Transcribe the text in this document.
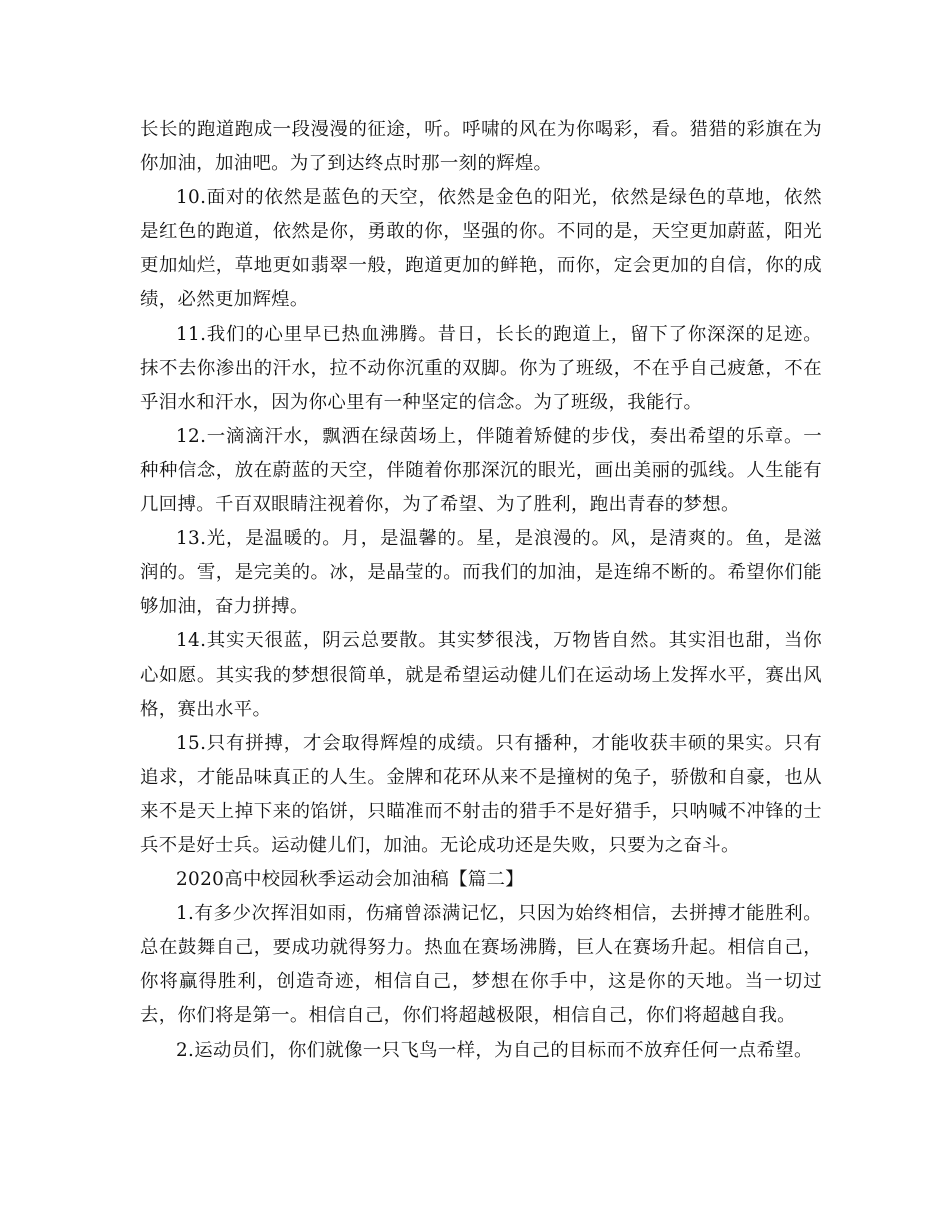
长长的跑道跑成一段漫漫的征途，听。呼啸的风在为你喝彩，看。猎猎的彩旗在为你加油，加油吧。为了到达终点时那一刻的辉煌。

10.面对的依然是蓝色的天空，依然是金色的阳光，依然是绿色的草地，依然是红色的跑道，依然是你，勇敢的你，坚强的你。不同的是，天空更加蔚蓝，阳光更加灿烂，草地更如翡翠一般，跑道更加的鲜艳，而你，定会更加的自信，你的成绩，必然更加辉煌。

11.我们的心里早已热血沸腾。昔日，长长的跑道上，留下了你深深的足迹。抹不去你渗出的汗水，拉不动你沉重的双脚。你为了班级，不在乎自己疲惫，不在乎泪水和汗水，因为你心里有一种坚定的信念。为了班级，我能行。

12.一滴滴汗水，飘洒在绿茵场上，伴随着矫健的步伐，奏出希望的乐章。一种种信念，放在蔚蓝的天空，伴随着你那深沉的眼光，画出美丽的弧线。人生能有几回搏。千百双眼睛注视着你，为了希望、为了胜利，跑出青春的梦想。

13.光，是温暖的。月，是温馨的。星，是浪漫的。风，是清爽的。鱼，是滋润的。雪，是完美的。冰，是晶莹的。而我们的加油，是连绵不断的。希望你们能够加油，奋力拼搏。

14.其实天很蓝，阴云总要散。其实梦很浅，万物皆自然。其实泪也甜，当你心如愿。其实我的梦想很简单，就是希望运动健儿们在运动场上发挥水平，赛出风格，赛出水平。

15.只有拼搏，才会取得辉煌的成绩。只有播种，才能收获丰硕的果实。只有追求，才能品味真正的人生。金牌和花环从来不是撞树的兔子，骄傲和自豪，也从来不是天上掉下来的馅饼，只瞄准而不射击的猎手不是好猎手，只呐喊不冲锋的士兵不是好士兵。运动健儿们，加油。无论成功还是失败，只要为之奋斗。

2020高中校园秋季运动会加油稿【篇二】

1.有多少次挥泪如雨，伤痛曾添满记忆，只因为始终相信，去拼搏才能胜利。总在鼓舞自己，要成功就得努力。热血在赛场沸腾，巨人在赛场升起。相信自己，你将赢得胜利，创造奇迹，相信自己，梦想在你手中，这是你的天地。当一切过去，你们将是第一。相信自己，你们将超越极限，相信自己，你们将超越自我。

2.运动员们，你们就像一只飞鸟一样，为自己的目标而不放弃任何一点希望。
